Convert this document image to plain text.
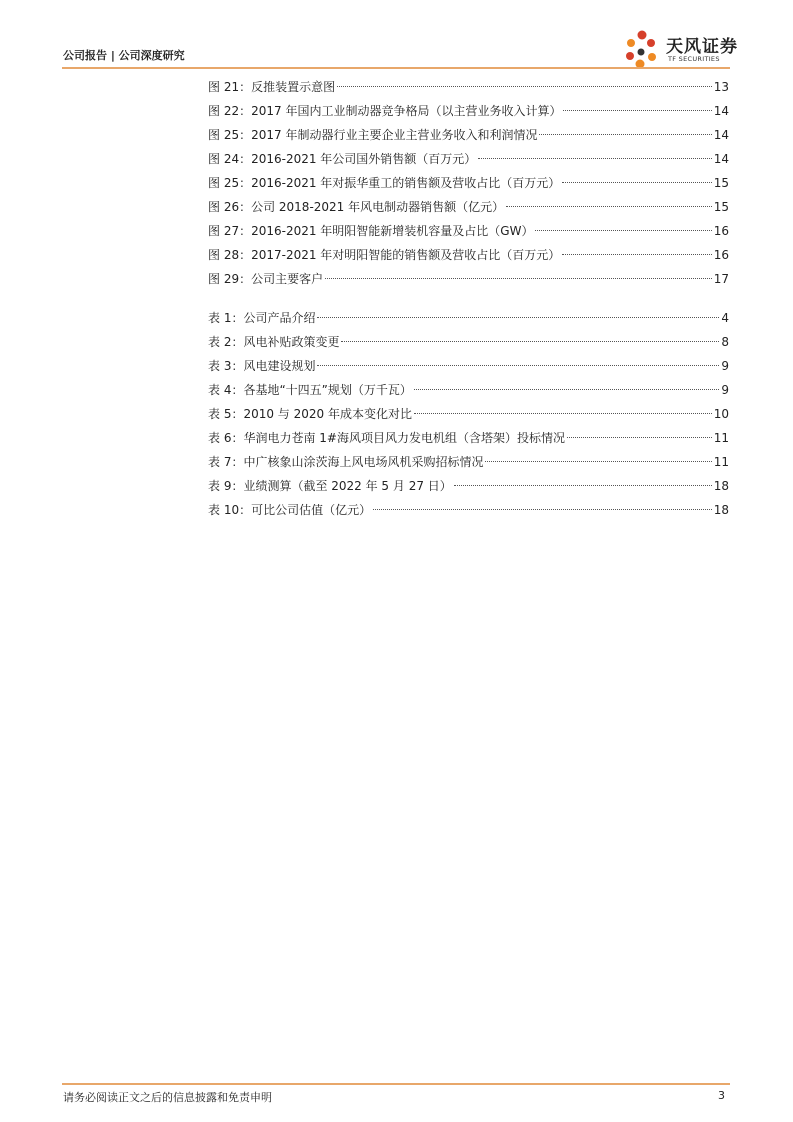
公司报告 | 公司深度研究	天风证券
TF SECURITIES
图 21：反推装置示意图	13
图 22：2017 年国内工业制动器竞争格局（以主营业务收入计算）	14
图 25：2017 年制动器行业主要企业主营业务收入和利润情况	14
图 24：2016-2021 年公司国外销售额（百万元）	14
图 25：2016-2021 年对振华重工的销售额及营收占比（百万元）	15
图 26：公司 2018-2021 年风电制动器销售额（亿元）	15
图 27：2016-2021 年明阳智能新增装机容量及占比（GW）	16
图 28：2017-2021 年对明阳智能的销售额及营收占比（百万元）	16
图 29：公司主要客户	17
表 1：公司产品介绍	4
表 2：风电补贴政策变更	8
表 3：风电建设规划	9
表 4：各基地“十四五”规划（万千瓦）	9
表 5：2010 与 2020 年成本变化对比	10
表 6：华润电力苍南 1#海风项目风力发电机组（含塔架）投标情况	11
表 7：中广核象山涂茨海上风电场风机采购招标情况	11
表 9：业绩测算（截至 2022 年 5 月 27 日）	18
表 10：可比公司估值（亿元）	18
请务必阅读正文之后的信息披露和免责申明	3
